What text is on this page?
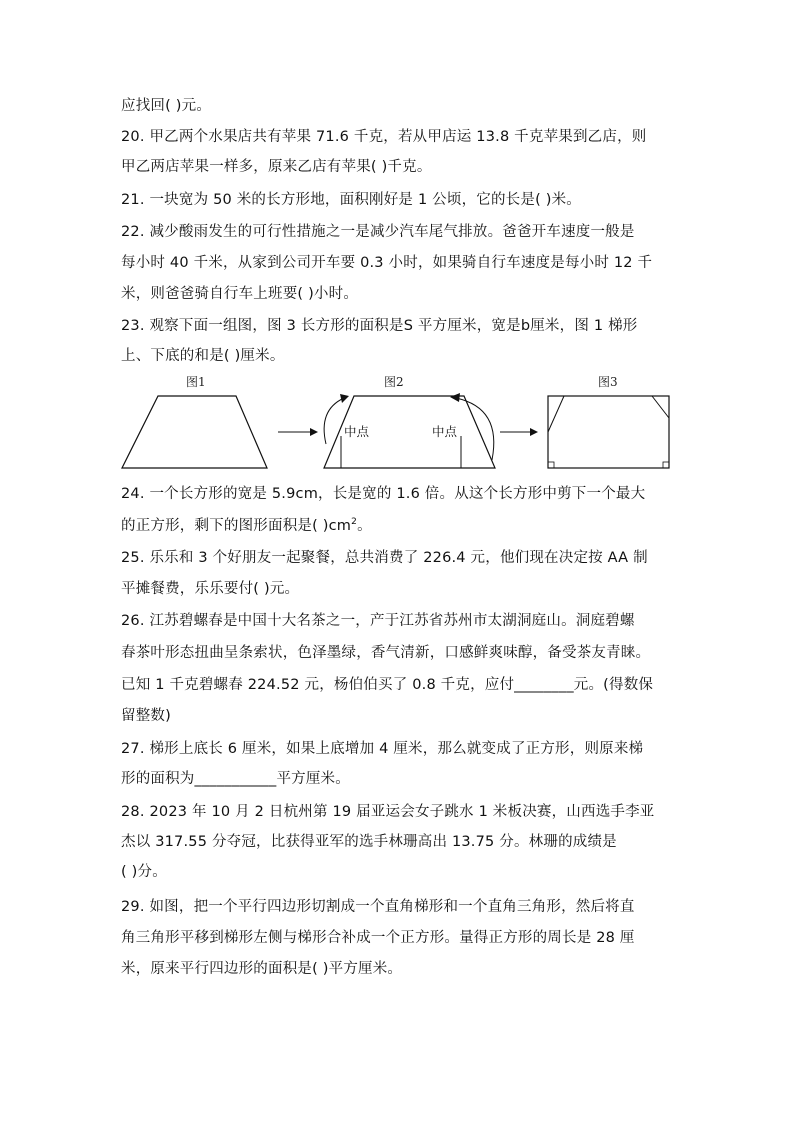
应找回( )元。
20. 甲乙两个水果店共有苹果 71.6 千克，若从甲店运 13.8 千克苹果到乙店，则
甲乙两店苹果一样多，原来乙店有苹果( )千克。
21. 一块宽为 50 米的长方形地，面积刚好是 1 公顷，它的长是( )米。
22. 减少酸雨发生的可行性措施之一是减少汽车尾气排放。爸爸开车速度一般是
每小时 40 千米，从家到公司开车要 0.3 小时，如果骑自行车速度是每小时 12 千
米，则爸爸骑自行车上班要( )小时。
23. 观察下面一组图，图 3 长方形的面积是S 平方厘米，宽是b厘米，图 1 梯形
上、下底的和是( )厘米。
图1	图2
中点	中点
图3
24. 一个长方形的宽是 5.9cm，长是宽的 1.6 倍。从这个长方形中剪下一个最大
的正方形，剩下的图形面积是( )$cm^2$。
25. 乐乐和 3 个好朋友一起聚餐，总共消费了 226.4 元，他们现在决定按 AA 制
平摊餐费，乐乐要付( )元。
26. 江苏碧螺春是中国十大名茶之一，产于江苏省苏州市太湖洞庭山。洞庭碧螺
春茶叶形态扭曲呈条索状，色泽墨绿，香气清新，口感鲜爽味醇，备受茶友青睐。
已知 1 千克碧螺春 224.52 元，杨伯伯买了 0.8 千克，应付________元。(得数保
留整数)
27. 梯形上底长 6 厘米，如果上底增加 4 厘米，那么就变成了正方形，则原来梯
形的面积为___________平方厘米。
28. 2023 年 10 月 2 日杭州第 19 届亚运会女子跳水 1 米板决赛，山西选手李亚
杰以 317.55 分夺冠，比获得亚军的选手林珊高出 13.75 分。林珊的成绩是
( )分。
29. 如图，把一个平行四边形切割成一个直角梯形和一个直角三角形，然后将直
角三角形平移到梯形左侧与梯形合补成一个正方形。量得正方形的周长是 28 厘
米，原来平行四边形的面积是( )平方厘米。
